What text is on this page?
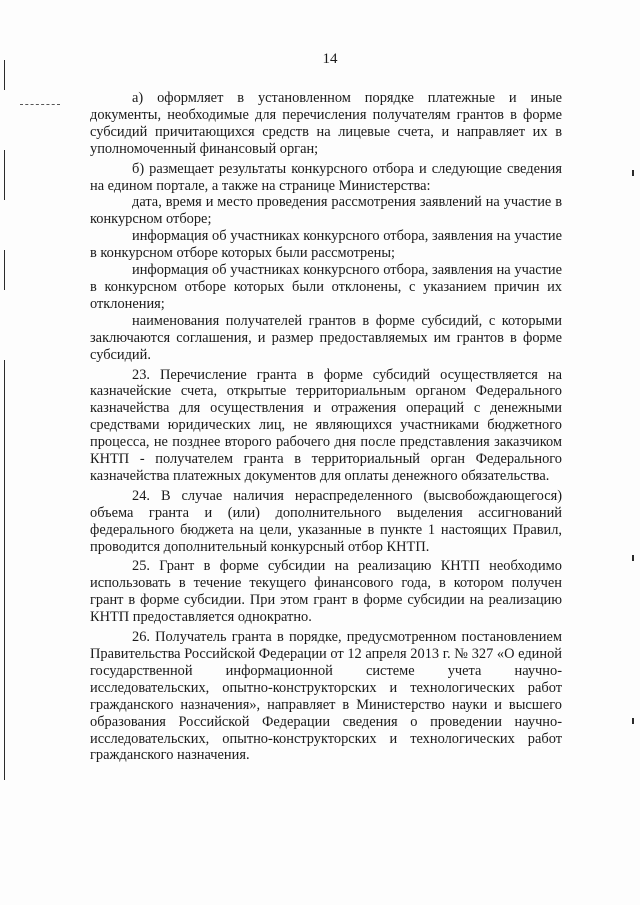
14

а) оформляет в установленном порядке платежные и иные документы, необходимые для перечисления получателям грантов в форме субсидий причитающихся средств на лицевые счета, и направляет их в уполномоченный финансовый орган;

б) размещает результаты конкурсного отбора и следующие сведения на едином портале, а также на странице Министерства:

дата, время и место проведения рассмотрения заявлений на участие в конкурсном отборе;

информация об участниках конкурсного отбора, заявления на участие в конкурсном отборе которых были рассмотрены;

информация об участниках конкурсного отбора, заявления на участие в конкурсном отборе которых были отклонены, с указанием причин их отклонения;

наименования получателей грантов в форме субсидий, с которыми заключаются соглашения, и размер предоставляемых им грантов в форме субсидий.

23. Перечисление гранта в форме субсидий осуществляется на казначейские счета, открытые территориальным органом Федерального казначейства для осуществления и отражения операций с денежными средствами юридических лиц, не являющихся участниками бюджетного процесса, не позднее второго рабочего дня после представления заказчиком КНТП - получателем гранта в территориальный орган Федерального казначейства платежных документов для оплаты денежного обязательства.

24. В случае наличия нераспределенного (высвобождающегося) объема гранта и (или) дополнительного выделения ассигнований федерального бюджета на цели, указанные в пункте 1 настоящих Правил, проводится дополнительный конкурсный отбор КНТП.

25. Грант в форме субсидии на реализацию КНТП необходимо использовать в течение текущего финансового года, в котором получен грант в форме субсидии. При этом грант в форме субсидии на реализацию КНТП предоставляется однократно.

26. Получатель гранта в порядке, предусмотренном постановлением Правительства Российской Федерации от 12 апреля 2013 г. № 327 «О единой государственной информационной системе учета научно-исследовательских, опытно-конструкторских и технологических работ гражданского назначения», направляет в Министерство науки и высшего образования Российской Федерации сведения о проведении научно-исследовательских, опытно-конструкторских и технологических работ гражданского назначения.
